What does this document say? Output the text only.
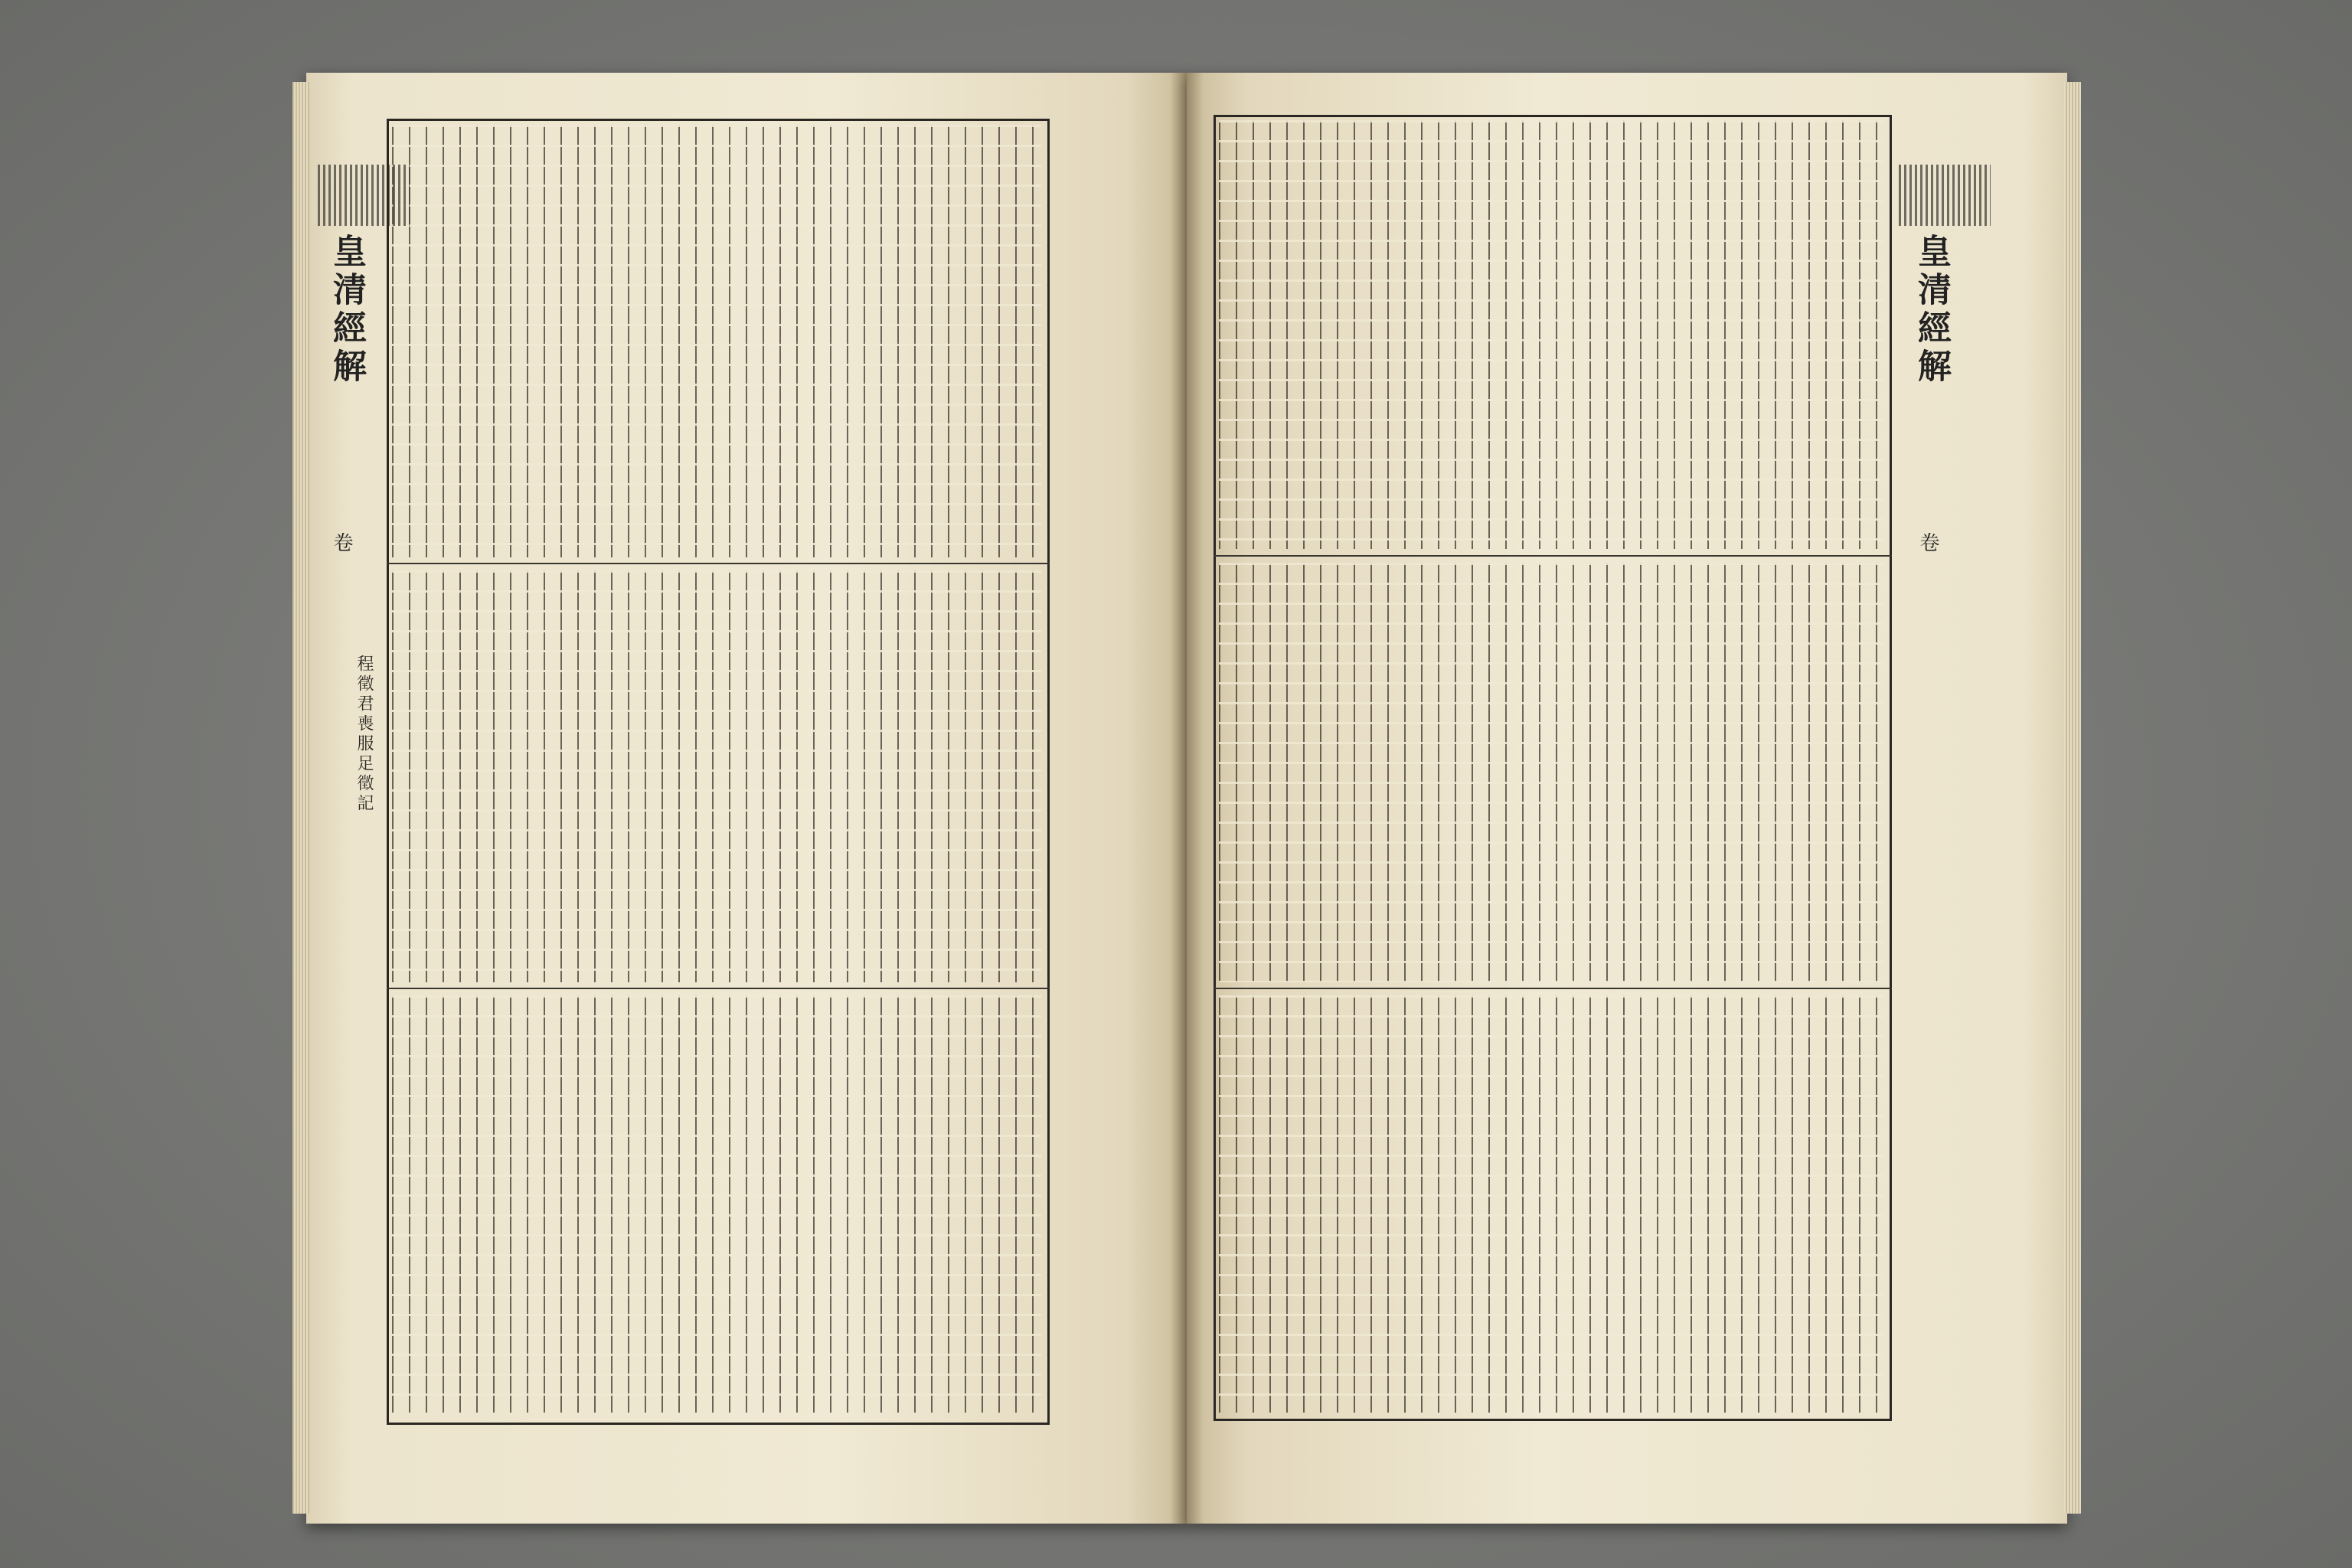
皇清經解
卷
程徵君喪服足徵記
皇清經解
卷
